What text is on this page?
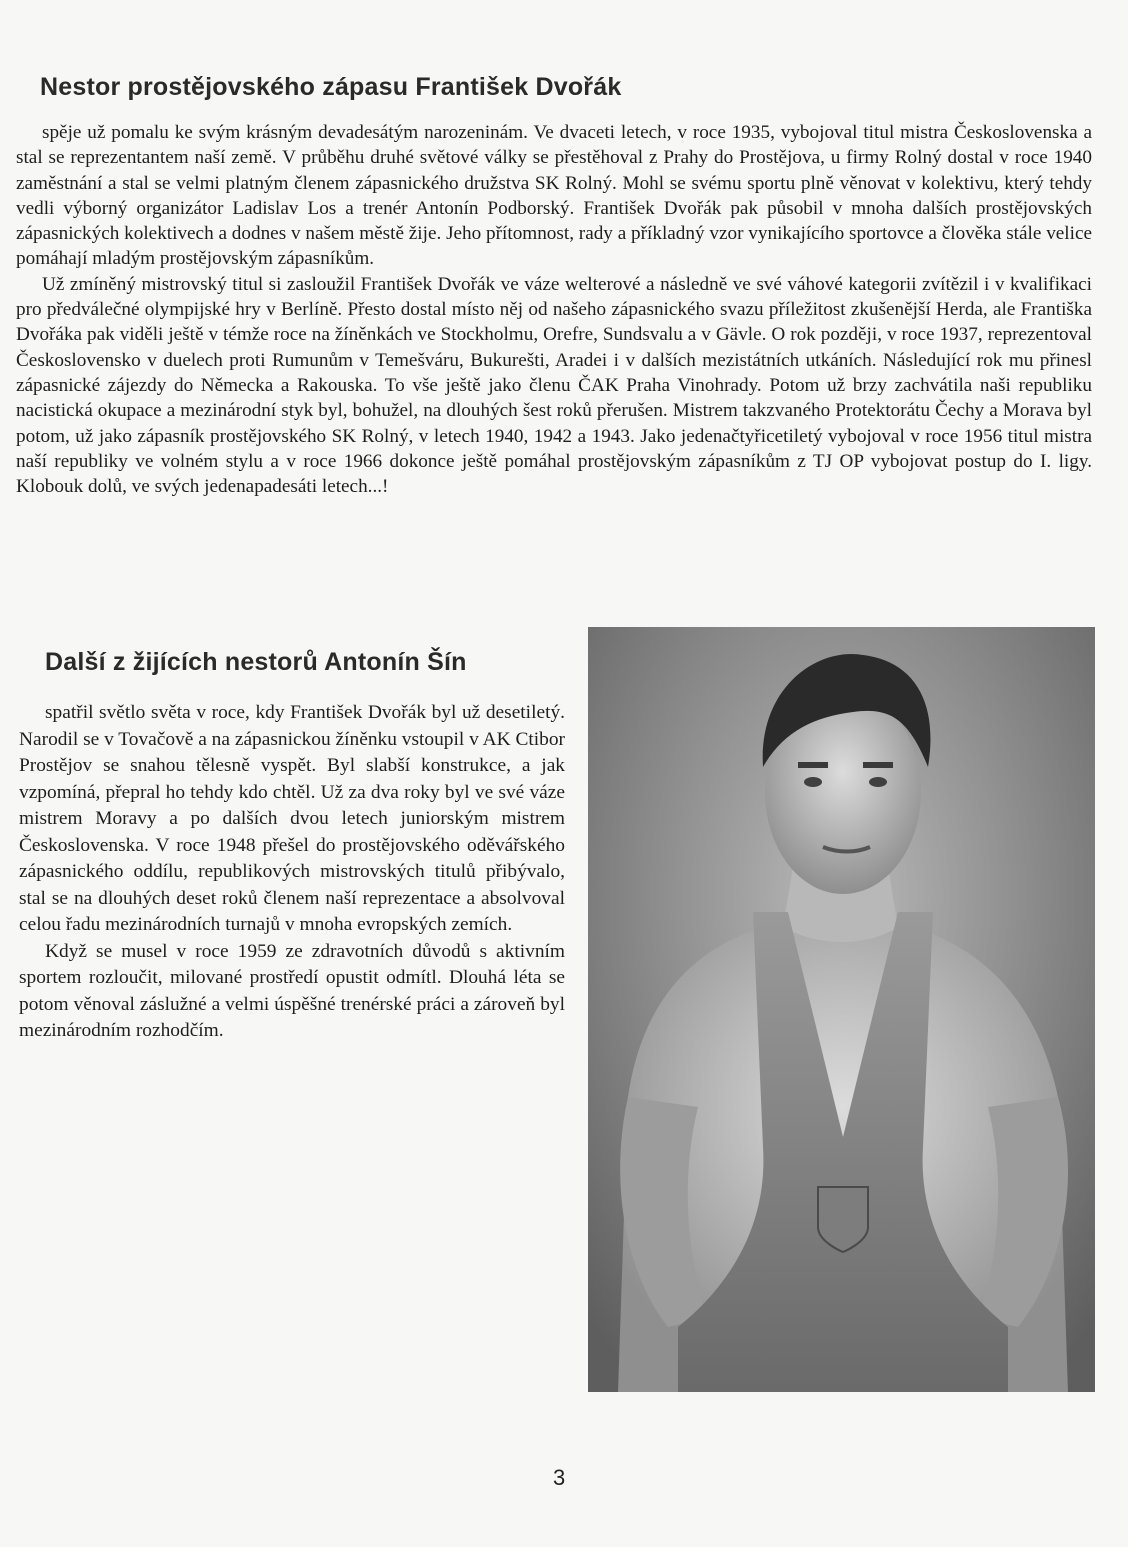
Nestor prostějovského zápasu František Dvořák

spěje už pomalu ke svým krásným devadesátým narozeninám. Ve dvaceti letech, v roce 1935, vybojoval titul mistra Československa a stal se reprezentantem naší země. V průběhu druhé světové války se přestěhoval z Prahy do Prostějova, u firmy Rolný dostal v roce 1940 zaměstnání a stal se velmi platným členem zápasnického družstva SK Rolný. Mohl se svému sportu plně věnovat v kolektivu, který tehdy vedli výborný organizátor Ladislav Los a trenér Antonín Podborský. František Dvořák pak působil v mnoha dalších prostějovských zápasnických kolektivech a dodnes v našem městě žije. Jeho přítomnost, rady a příkladný vzor vynikajícího sportovce a člověka stále velice pomáhají mladým prostějovským zápasníkům.

Už zmíněný mistrovský titul si zasloužil František Dvořák ve váze welterové a následně ve své váhové kategorii zvítězil i v kvalifikaci pro předválečné olympijské hry v Berlíně. Přesto dostal místo něj od našeho zápasnického svazu příležitost zkušenější Herda, ale Františka Dvořáka pak viděli ještě v témže roce na žíněnkách ve Stockholmu, Orefre, Sundsvalu a v Gävle. O rok později, v roce 1937, reprezentoval Československo v duelech proti Rumunům v Temešváru, Bukurešti, Aradei i v dalších mezistátních utkáních. Následující rok mu přinesl zápasnické zájezdy do Německa a Rakouska. To vše ještě jako členu ČAK Praha Vinohrady. Potom už brzy zachvátila naši republiku nacistická okupace a mezinárodní styk byl, bohužel, na dlouhých šest roků přerušen. Mistrem takzvaného Protektorátu Čechy a Morava byl potom, už jako zápasník prostějovského SK Rolný, v letech 1940, 1942 a 1943. Jako jedenačtyřicetiletý vybojoval v roce 1956 titul mistra naší republiky ve volném stylu a v roce 1966 dokonce ještě pomáhal prostějovským zápasníkům z TJ OP vybojovat postup do I. ligy. Klobouk dolů, ve svých jedenapadesáti letech...!

Další z žijících nestorů Antonín Šín

spatřil světlo světa v roce, kdy František Dvořák byl už desetiletý. Narodil se v Tovačově a na zápasnickou žíněnku vstoupil v AK Ctibor Prostějov se snahou tělesně vyspět. Byl slabší konstrukce, a jak vzpomíná, přepral ho tehdy kdo chtěl. Už za dva roky byl ve své váze mistrem Moravy a po dalších dvou letech juniorským mistrem Československa. V roce 1948 přešel do prostějovského oděvářského zápasnického oddílu, republikových mistrovských titulů přibývalo, stal se na dlouhých deset roků členem naší reprezentace a absolvoval celou řadu mezinárodních turnajů v mnoha evropských zemích.

Když se musel v roce 1959 ze zdravotních důvodů s aktivním sportem rozloučit, milované prostředí opustit odmítl. Dlouhá léta se potom věnoval záslužné a velmi úspěšné trenérské práci a zároveň byl mezinárodním rozhodčím.

3
